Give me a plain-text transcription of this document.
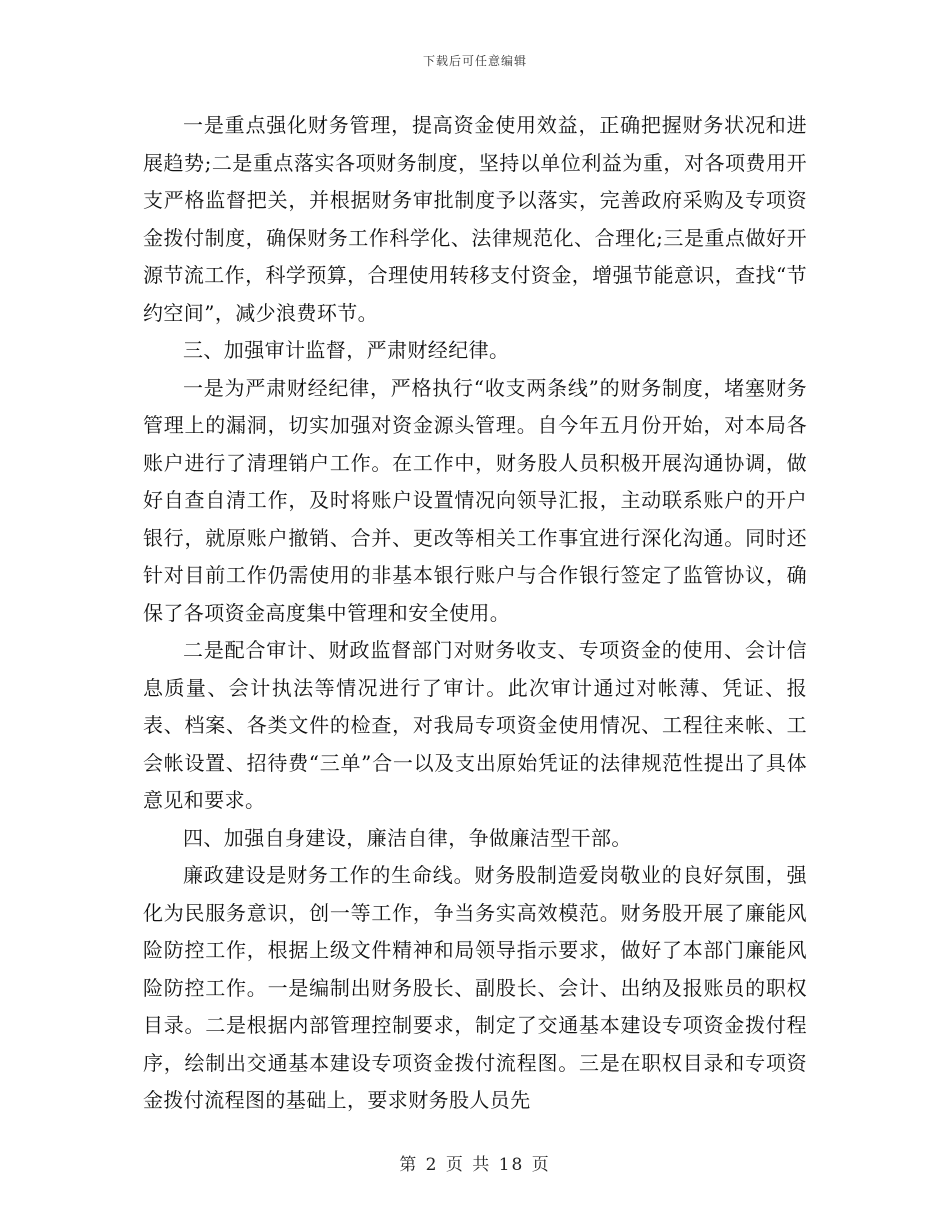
下载后可任意编辑

一是重点强化财务管理，提高资金使用效益，正确把握财务状况和进展趋势;二是重点落实各项财务制度，坚持以单位利益为重，对各项费用开支严格监督把关，并根据财务审批制度予以落实，完善政府采购及专项资金拨付制度，确保财务工作科学化、法律规范化、合理化;三是重点做好开源节流工作，科学预算，合理使用转移支付资金，增强节能意识，查找“节约空间”，减少浪费环节。

三、加强审计监督，严肃财经纪律。

一是为严肃财经纪律，严格执行“收支两条线”的财务制度，堵塞财务管理上的漏洞，切实加强对资金源头管理。自今年五月份开始，对本局各账户进行了清理销户工作。在工作中，财务股人员积极开展沟通协调，做好自查自清工作，及时将账户设置情况向领导汇报，主动联系账户的开户银行，就原账户撤销、合并、更改等相关工作事宜进行深化沟通。同时还针对目前工作仍需使用的非基本银行账户与合作银行签定了监管协议，确保了各项资金高度集中管理和安全使用。

二是配合审计、财政监督部门对财务收支、专项资金的使用、会计信息质量、会计执法等情况进行了审计。此次审计通过对帐薄、凭证、报表、档案、各类文件的检查，对我局专项资金使用情况、工程往来帐、工会帐设置、招待费“三单”合一以及支出原始凭证的法律规范性提出了具体意见和要求。

四、加强自身建设，廉洁自律，争做廉洁型干部。

廉政建设是财务工作的生命线。财务股制造爱岗敬业的良好氛围，强化为民服务意识，创一等工作，争当务实高效模范。财务股开展了廉能风险防控工作，根据上级文件精神和局领导指示要求，做好了本部门廉能风险防控工作。一是编制出财务股长、副股长、会计、出纳及报账员的职权目录。二是根据内部管理控制要求，制定了交通基本建设专项资金拨付程序，绘制出交通基本建设专项资金拨付流程图。三是在职权目录和专项资金拨付流程图的基础上，要求财务股人员先

第 2 页 共 18 页
